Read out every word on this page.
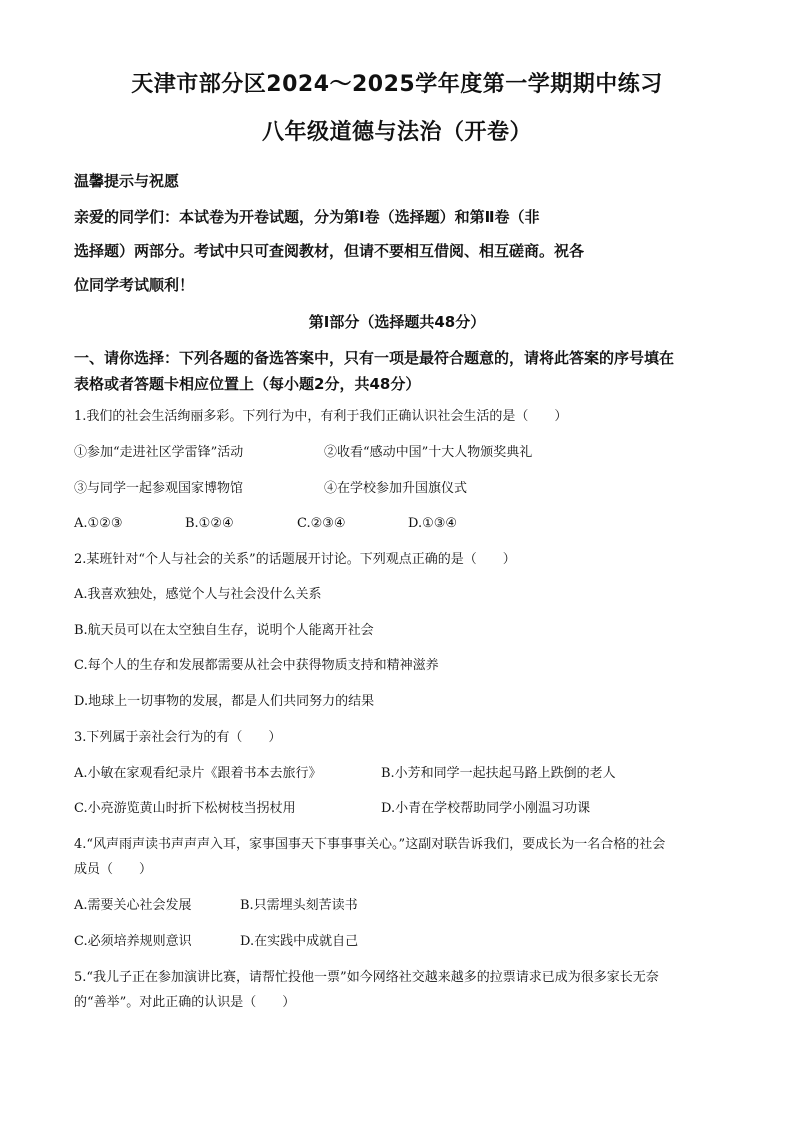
天津市部分区2024～2025学年度第一学期期中练习
八年级道德与法治（开卷）
温馨提示与祝愿
亲爱的同学们：本试卷为开卷试题，分为第Ⅰ卷（选择题）和第Ⅱ卷（非
选择题）两部分。考试中只可查阅教材，但请不要相互借阅、相互磋商。祝各
位同学考试顺利！
第Ⅰ部分（选择题共48分）
一、请你选择：下列各题的备选答案中，只有一项是最符合题意的，请将此答案的序号填在
表格或者答题卡相应位置上（每小题2分，共48分）
1.我们的社会生活绚丽多彩。下列行为中，有利于我们正确认识社会生活的是（　　）
①参加“走进社区学雷锋”活动	②收看“感动中国”十大人物颁奖典礼
③与同学一起参观国家博物馆	④在学校参加升国旗仪式
A.①②③	B.①②④	C.②③④	D.①③④
2.某班针对“个人与社会的关系”的话题展开讨论。下列观点正确的是（　　）
A.我喜欢独处，感觉个人与社会没什么关系
B.航天员可以在太空独自生存，说明个人能离开社会
C.每个人的生存和发展都需要从社会中获得物质支持和精神滋养
D.地球上一切事物的发展，都是人们共同努力的结果
3.下列属于亲社会行为的有（　　）
A.小敏在家观看纪录片《跟着书本去旅行》	B.小芳和同学一起扶起马路上跌倒的老人
C.小亮游览黄山时折下松树枝当拐杖用	D.小青在学校帮助同学小刚温习功课
4.“风声雨声读书声声声入耳，家事国事天下事事事关心。”这副对联告诉我们，要成长为一名合格的社会
成员（　　）
A.需要关心社会发展	B.只需埋头刻苦读书
C.必须培养规则意识	D.在实践中成就自己
5.“我儿子正在参加演讲比赛，请帮忙投他一票”如今网络社交越来越多的拉票请求已成为很多家长无奈
的“善举”。对此正确的认识是（　　）
